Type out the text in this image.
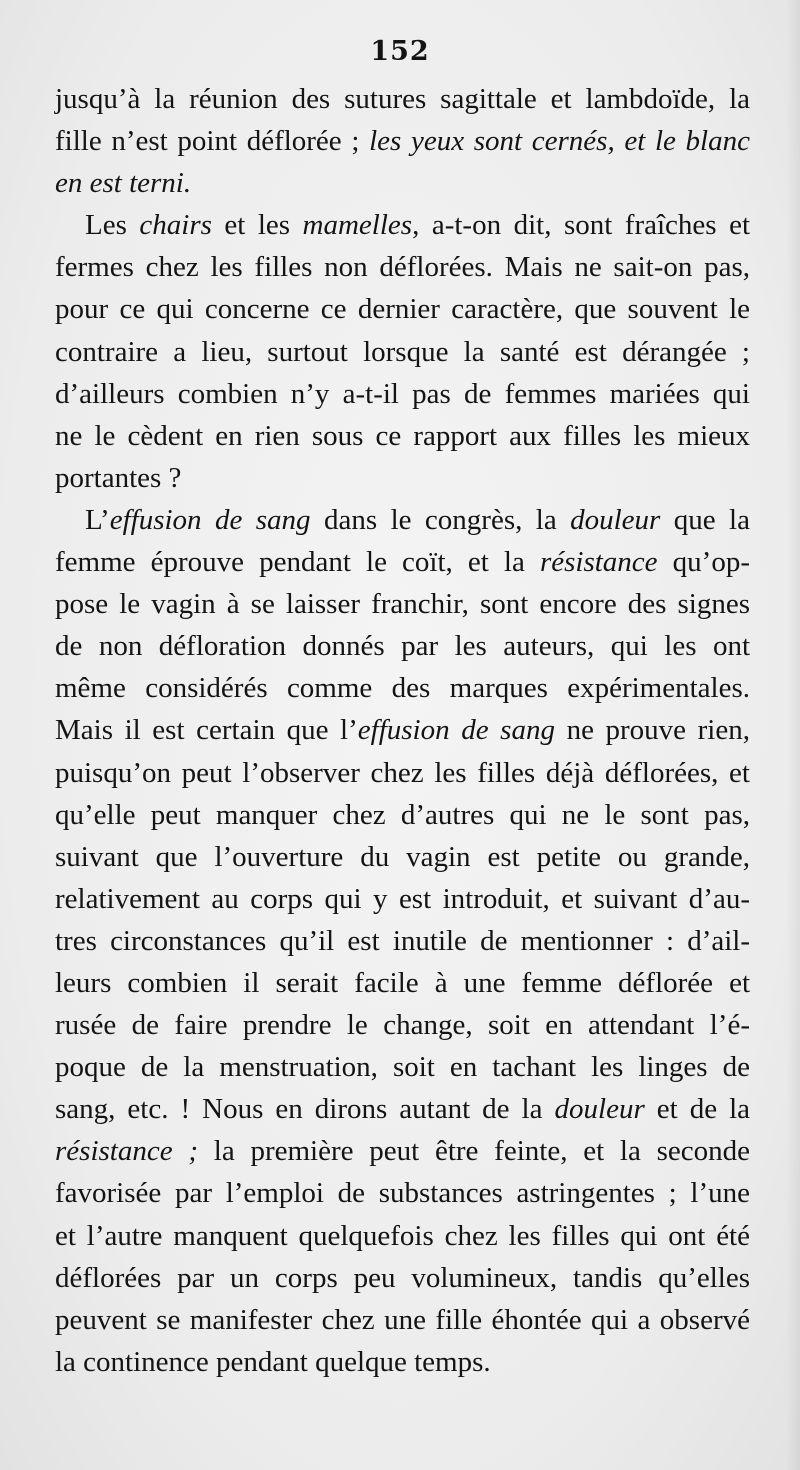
152
jusqu’à la réunion des sutures sagittale et lambdoïde, la
fille n’est point déflorée ; les yeux sont cernés, et le blanc
en est terni.
Les chairs et les mamelles, a-t-on dit, sont fraîches et
fermes chez les filles non déflorées. Mais ne sait-on pas,
pour ce qui concerne ce dernier caractère, que souvent le
contraire a lieu, surtout lorsque la santé est dérangée ;
d’ailleurs combien n’y a-t-il pas de femmes mariées qui
ne le cèdent en rien sous ce rapport aux filles les mieux
portantes ?
L’effusion de sang dans le congrès, la douleur que la
femme éprouve pendant le coït, et la résistance qu’op-
pose le vagin à se laisser franchir, sont encore des signes
de non défloration donnés par les auteurs, qui les ont
même considérés comme des marques expérimentales.
Mais il est certain que l’effusion de sang ne prouve rien,
puisqu’on peut l’observer chez les filles déjà déflorées, et
qu’elle peut manquer chez d’autres qui ne le sont pas,
suivant que l’ouverture du vagin est petite ou grande,
relativement au corps qui y est introduit, et suivant d’au-
tres circonstances qu’il est inutile de mentionner : d’ail-
leurs combien il serait facile à une femme déflorée et
rusée de faire prendre le change, soit en attendant l’é-
poque de la menstruation, soit en tachant les linges de
sang, etc. ! Nous en dirons autant de la douleur et de la
résistance ; la première peut être feinte, et la seconde
favorisée par l’emploi de substances astringentes ; l’une
et l’autre manquent quelquefois chez les filles qui ont été
déflorées par un corps peu volumineux, tandis qu’elles
peuvent se manifester chez une fille éhontée qui a observé
la continence pendant quelque temps.
